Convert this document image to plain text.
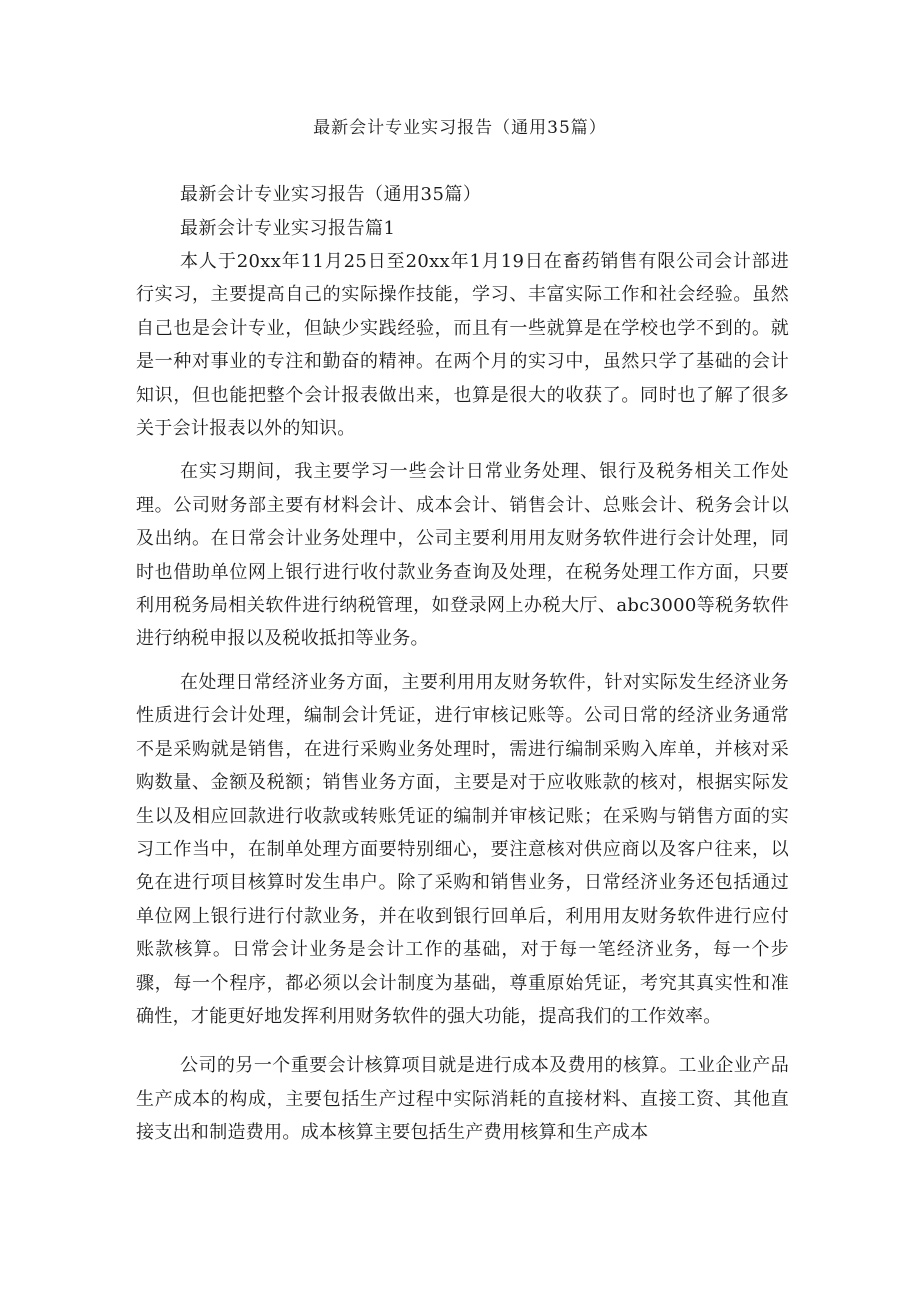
最新会计专业实习报告（通用35篇）

最新会计专业实习报告（通用35篇）

最新会计专业实习报告篇1

本人于20xx年11月25日至20xx年1月19日在畜药销售有限公司会计部进行实习，主要提高自己的实际操作技能，学习、丰富实际工作和社会经验。虽然自己也是会计专业，但缺少实践经验，而且有一些就算是在学校也学不到的。就是一种对事业的专注和勤奋的精神。在两个月的实习中，虽然只学了基础的会计知识，但也能把整个会计报表做出来，也算是很大的收获了。同时也了解了很多关于会计报表以外的知识。

在实习期间，我主要学习一些会计日常业务处理、银行及税务相关工作处理。公司财务部主要有材料会计、成本会计、销售会计、总账会计、税务会计以及出纳。在日常会计业务处理中，公司主要利用用友财务软件进行会计处理，同时也借助单位网上银行进行收付款业务查询及处理，在税务处理工作方面，只要利用税务局相关软件进行纳税管理，如登录网上办税大厅、abc3000等税务软件进行纳税申报以及税收抵扣等业务。

在处理日常经济业务方面，主要利用用友财务软件，针对实际发生经济业务性质进行会计处理，编制会计凭证，进行审核记账等。公司日常的经济业务通常不是采购就是销售，在进行采购业务处理时，需进行编制采购入库单，并核对采购数量、金额及税额；销售业务方面，主要是对于应收账款的核对，根据实际发生以及相应回款进行收款或转账凭证的编制并审核记账；在采购与销售方面的实习工作当中，在制单处理方面要特别细心，要注意核对供应商以及客户往来，以免在进行项目核算时发生串户。除了采购和销售业务，日常经济业务还包括通过单位网上银行进行付款业务，并在收到银行回单后，利用用友财务软件进行应付账款核算。日常会计业务是会计工作的基础，对于每一笔经济业务，每一个步骤，每一个程序，都必须以会计制度为基础，尊重原始凭证，考究其真实性和准确性，才能更好地发挥利用财务软件的强大功能，提高我们的工作效率。

公司的另一个重要会计核算项目就是进行成本及费用的核算。工业企业产品生产成本的构成，主要包括生产过程中实际消耗的直接材料、直接工资、其他直接支出和制造费用。成本核算主要包括生产费用核算和生产成本
